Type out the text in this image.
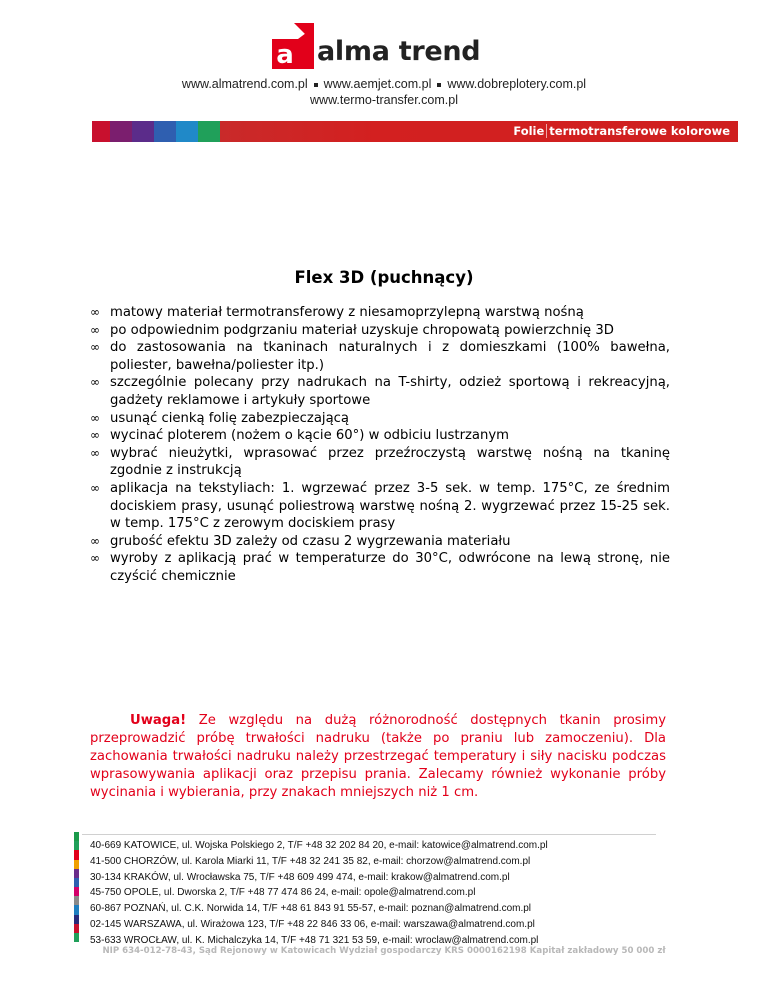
a alma trend
www.almatrend.com.pl www.aemjet.com.pl www.dobreplotery.com.pl
www.termo-transfer.com.pl
Folie termotransferowe kolorowe
Flex 3D (puchnący)
∞ matowy materiał termotransferowy z niesamoprzylepną warstwą nośną
∞ po odpowiednim podgrzaniu materiał uzyskuje chropowatą powierzchnię 3D
∞ do zastosowania na tkaninach naturalnych i z domieszkami (100% bawełna, poliester, bawełna/poliester itp.)
∞ szczególnie polecany przy nadrukach na T-shirty, odzież sportową i rekreacyjną, gadżety reklamowe i artykuły sportowe
∞ usunąć cienką folię zabezpieczającą
∞ wycinać ploterem (nożem o kącie 60°) w odbiciu lustrzanym
∞ wybrać nieużytki, wprasować przez przeźroczystą warstwę nośną na tkaninę zgodnie z instrukcją
∞ aplikacja na tekstyliach: 1. wgrzewać przez 3-5 sek. w temp. 175°C, ze średnim dociskiem prasy, usunąć poliestrową warstwę nośną 2. wygrzewać przez 15-25 sek. w temp. 175°C z zerowym dociskiem prasy
∞ grubość efektu 3D zależy od czasu 2 wygrzewania materiału
∞ wyroby z aplikacją prać w temperaturze do 30°C, odwrócone na lewą stronę, nie czyścić chemicznie

Uwaga! Ze względu na dużą różnorodność dostępnych tkanin prosimy przeprowadzić próbę trwałości nadruku (także po praniu lub zamoczeniu). Dla zachowania trwałości nadruku należy przestrzegać temperatury i siły nacisku podczas wprasowywania aplikacji oraz przepisu prania. Zalecamy również wykonanie próby wycinania i wybierania, przy znakach mniejszych niż 1 cm.

40-669 KATOWICE, ul. Wojska Polskiego 2, T/F +48 32 202 84 20, e-mail: katowice@almatrend.com.pl
41-500 CHORZÓW, ul. Karola Miarki 11, T/F +48 32 241 35 82, e-mail: chorzow@almatrend.com.pl
30-134 KRAKÓW, ul. Wrocławska 75, T/F +48 609 499 474, e-mail: krakow@almatrend.com.pl
45-750 OPOLE, ul. Dworska 2, T/F +48 77 474 86 24, e-mail: opole@almatrend.com.pl
60-867 POZNAŃ, ul. C.K. Norwida 14, T/F +48 61 843 91 55-57, e-mail: poznan@almatrend.com.pl
02-145 WARSZAWA, ul. Wirażowa 123, T/F +48 22 846 33 06, e-mail: warszawa@almatrend.com.pl
53-633 WROCŁAW, ul. K. Michalczyka 14, T/F +48 71 321 53 59, e-mail: wroclaw@almatrend.com.pl
NIP 634-012-78-43, Sąd Rejonowy w Katowicach Wydział gospodarczy KRS 0000162198 Kapitał zakładowy 50 000 zł
